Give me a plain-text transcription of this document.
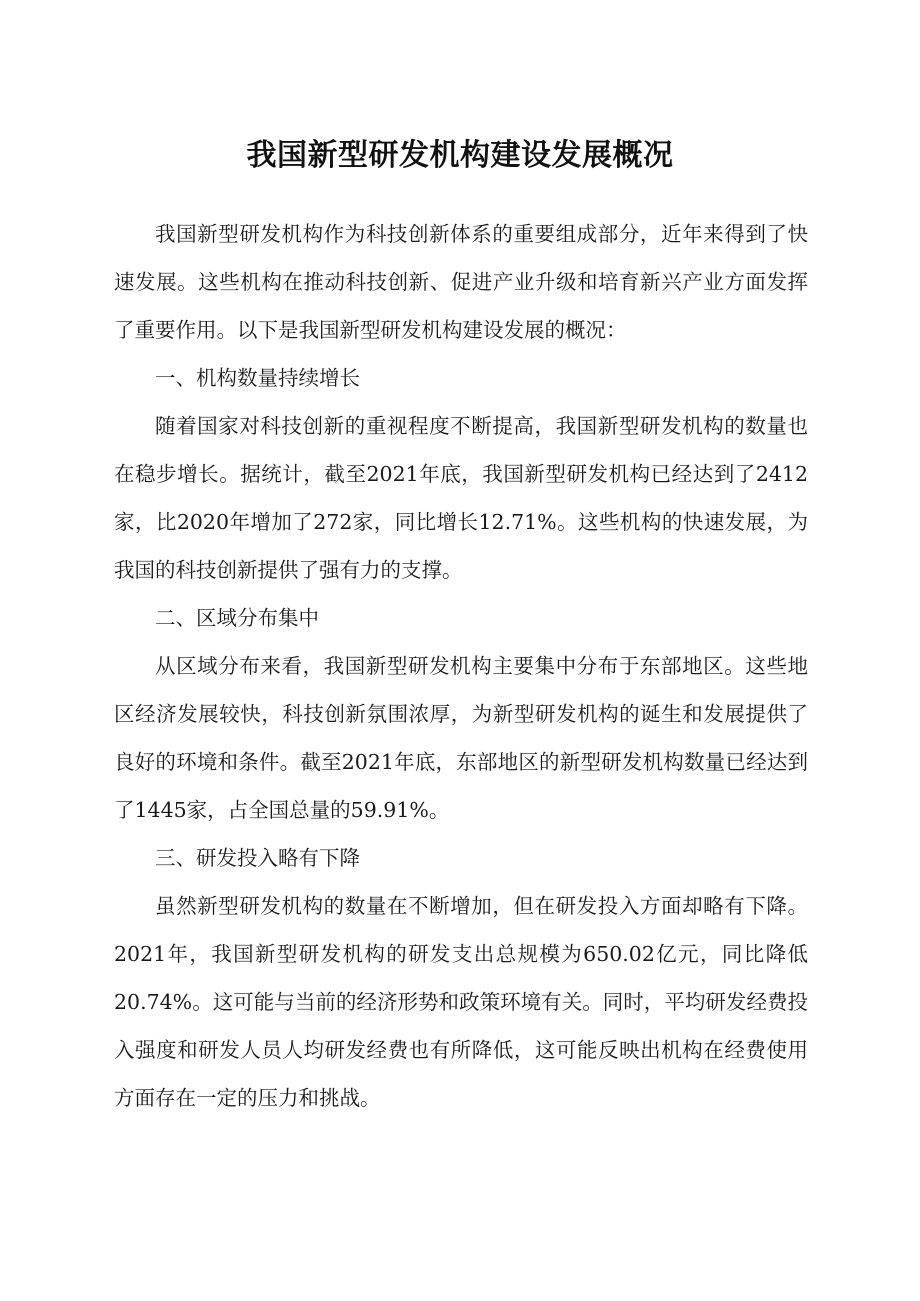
我国新型研发机构建设发展概况

我国新型研发机构作为科技创新体系的重要组成部分，近年来得到了快速发展。这些机构在推动科技创新、促进产业升级和培育新兴产业方面发挥了重要作用。以下是我国新型研发机构建设发展的概况：

一、机构数量持续增长

随着国家对科技创新的重视程度不断提高，我国新型研发机构的数量也在稳步增长。据统计，截至2021年底，我国新型研发机构已经达到了2412家，比2020年增加了272家，同比增长12.71%。这些机构的快速发展，为我国的科技创新提供了强有力的支撑。

二、区域分布集中

从区域分布来看，我国新型研发机构主要集中分布于东部地区。这些地区经济发展较快，科技创新氛围浓厚，为新型研发机构的诞生和发展提供了良好的环境和条件。截至2021年底，东部地区的新型研发机构数量已经达到了1445家，占全国总量的59.91%。

三、研发投入略有下降

虽然新型研发机构的数量在不断增加，但在研发投入方面却略有下降。2021年，我国新型研发机构的研发支出总规模为650.02亿元，同比降低20.74%。这可能与当前的经济形势和政策环境有关。同时，平均研发经费投入强度和研发人员人均研发经费也有所降低，这可能反映出机构在经费使用方面存在一定的压力和挑战。
